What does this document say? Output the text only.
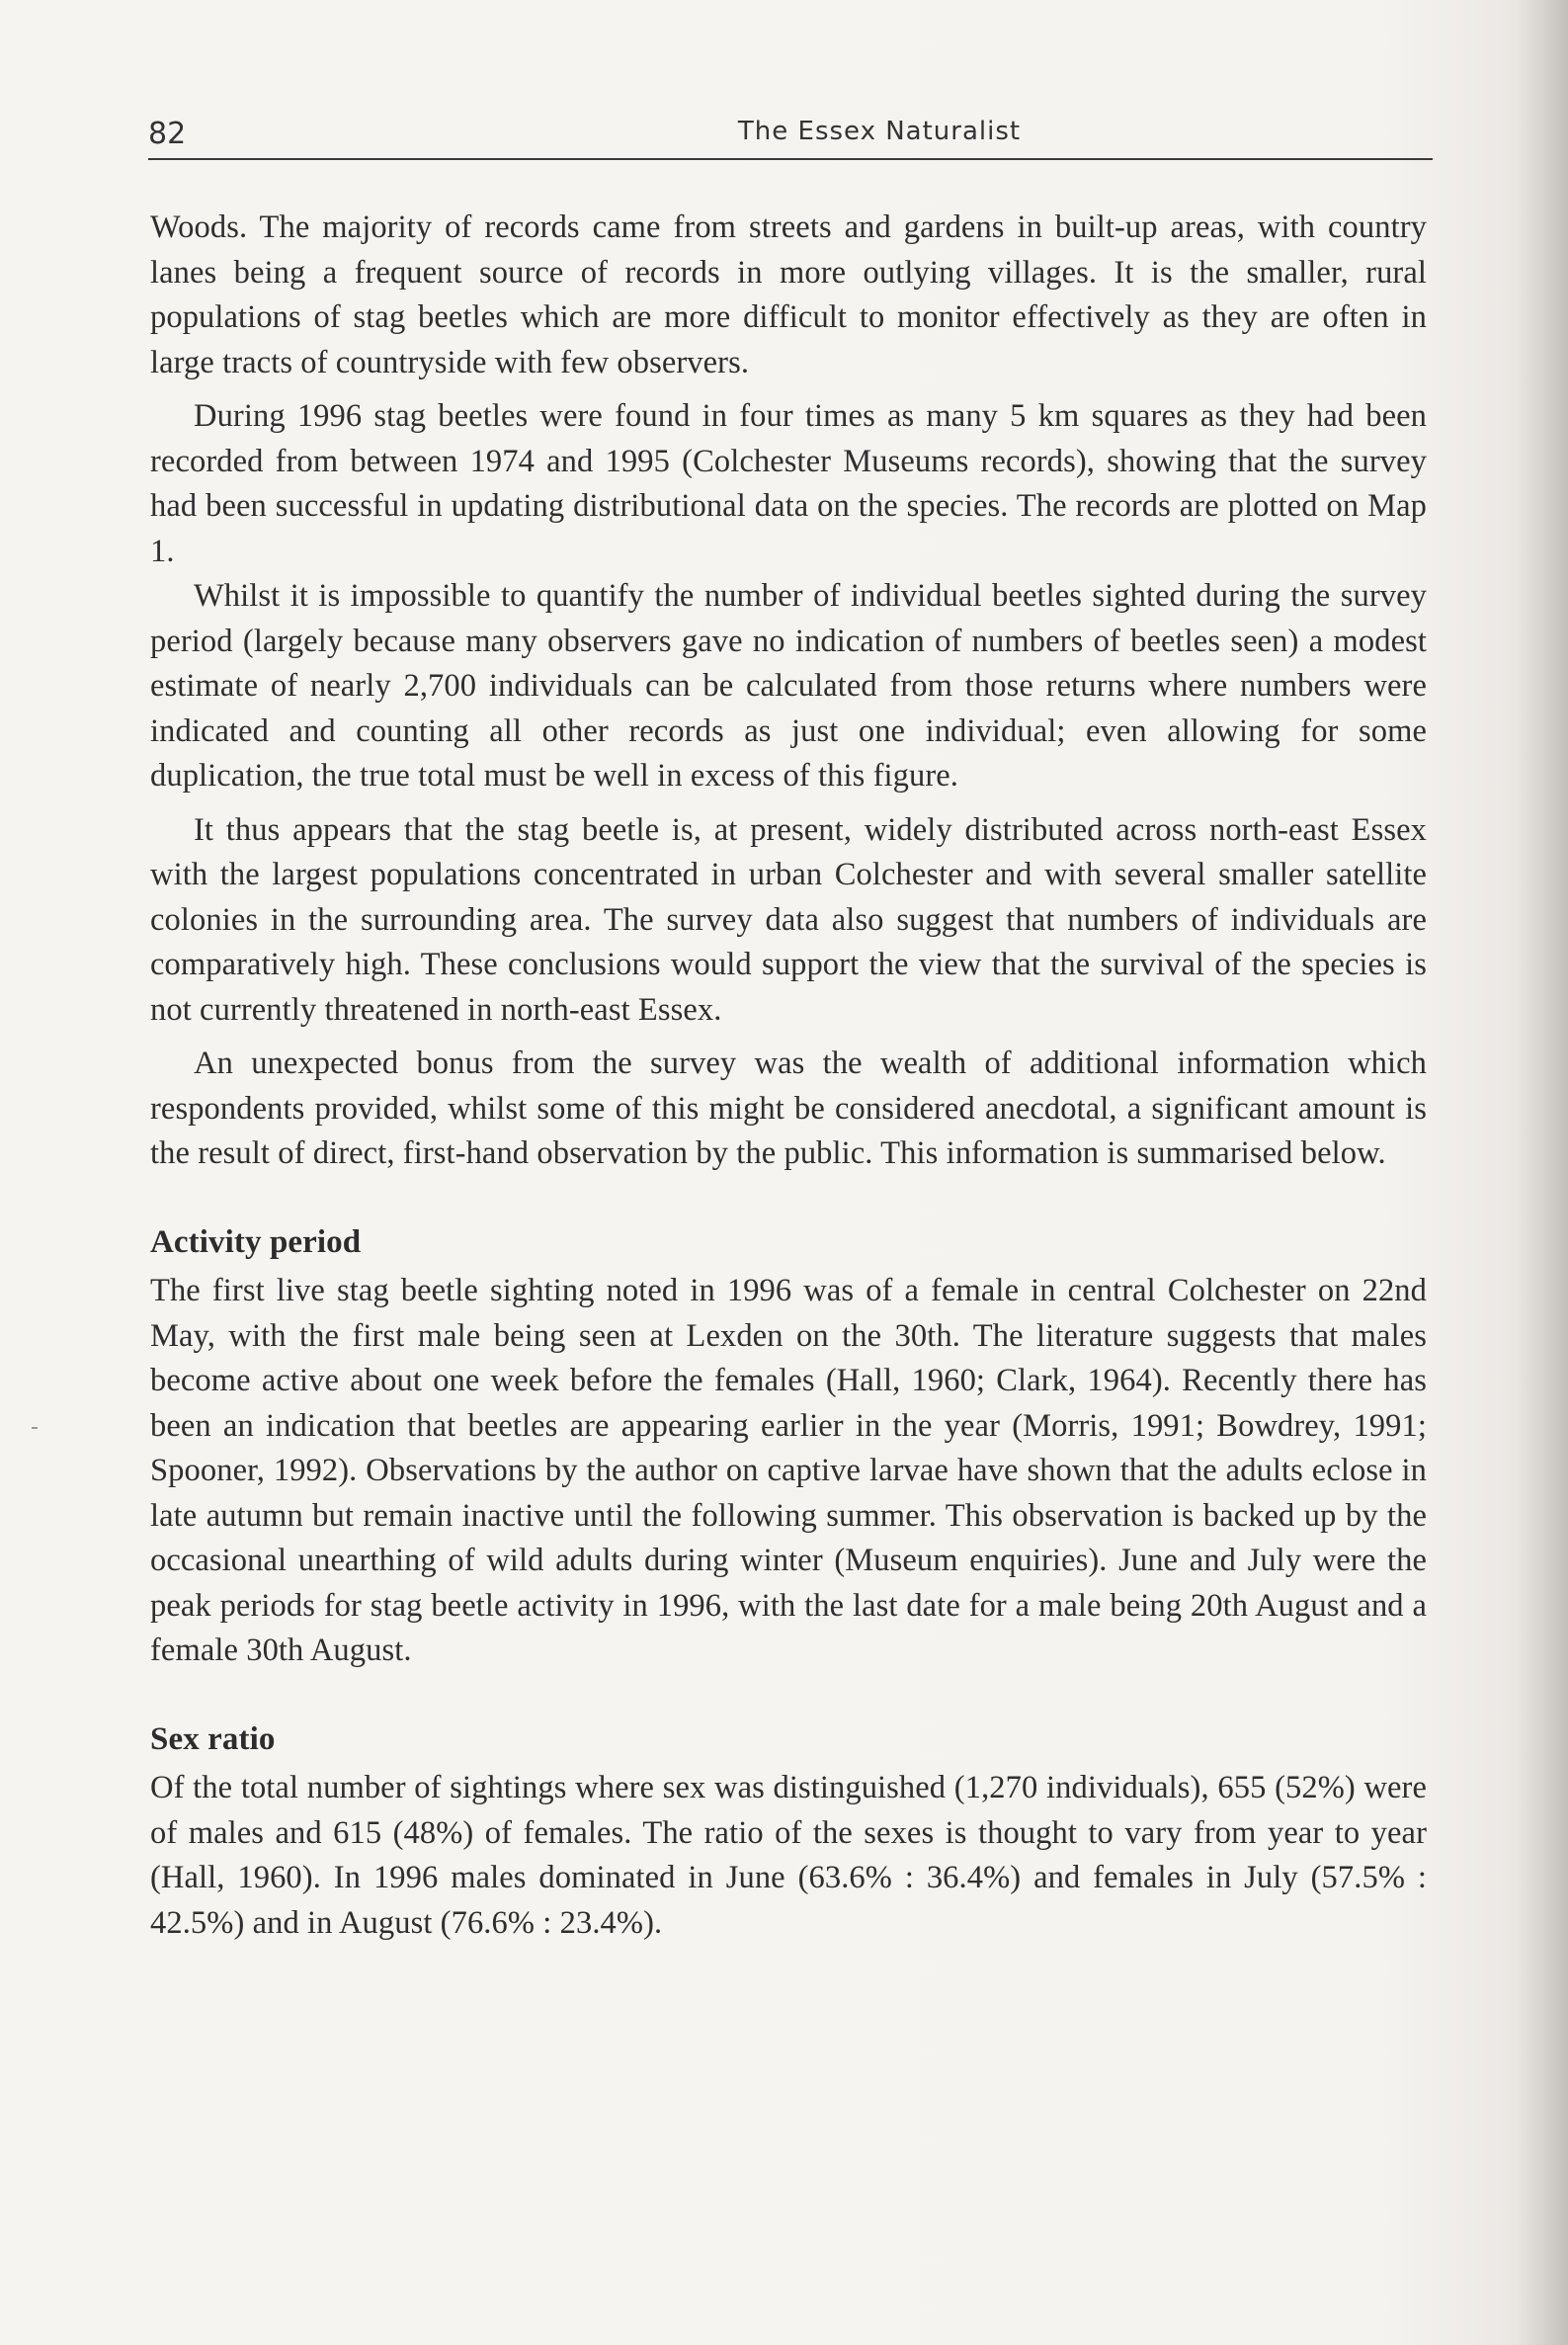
82	The Essex Naturalist

Woods. The majority of records came from streets and gardens in built-up areas, with country lanes being a frequent source of records in more outlying villages. It is the smaller, rural populations of stag beetles which are more difficult to monitor effectively as they are often in large tracts of countryside with few observers.

During 1996 stag beetles were found in four times as many 5 km squares as they had been recorded from between 1974 and 1995 (Colchester Museums records), showing that the survey had been successful in updating distributional data on the species. The records are plotted on Map 1.

Whilst it is impossible to quantify the number of individual beetles sighted during the survey period (largely because many observers gave no indication of numbers of beetles seen) a modest estimate of nearly 2,700 individuals can be calculated from those returns where numbers were indicated and counting all other records as just one individual; even allowing for some duplication, the true total must be well in excess of this figure.

It thus appears that the stag beetle is, at present, widely distributed across north-east Essex with the largest populations concentrated in urban Colchester and with several smaller satellite colonies in the surrounding area. The survey data also suggest that numbers of individuals are comparatively high. These conclusions would support the view that the survival of the species is not currently threatened in north-east Essex.

An unexpected bonus from the survey was the wealth of additional information which respondents provided, whilst some of this might be considered anecdotal, a significant amount is the result of direct, first-hand observation by the public. This information is summarised below.

Activity period

The first live stag beetle sighting noted in 1996 was of a female in central Colchester on 22nd May, with the first male being seen at Lexden on the 30th. The literature suggests that males become active about one week before the females (Hall, 1960; Clark, 1964). Recently there has been an indication that beetles are appearing earlier in the year (Morris, 1991; Bowdrey, 1991; Spooner, 1992). Observations by the author on captive larvae have shown that the adults eclose in late autumn but remain inactive until the following summer. This observation is backed up by the occasional unearthing of wild adults during winter (Museum enquiries). June and July were the peak periods for stag beetle activity in 1996, with the last date for a male being 20th August and a female 30th August.

Sex ratio

Of the total number of sightings where sex was distinguished (1,270 individuals), 655 (52%) were of males and 615 (48%) of females. The ratio of the sexes is thought to vary from year to year (Hall, 1960). In 1996 males dominated in June (63.6% : 36.4%) and females in July (57.5% : 42.5%) and in August (76.6% : 23.4%).
